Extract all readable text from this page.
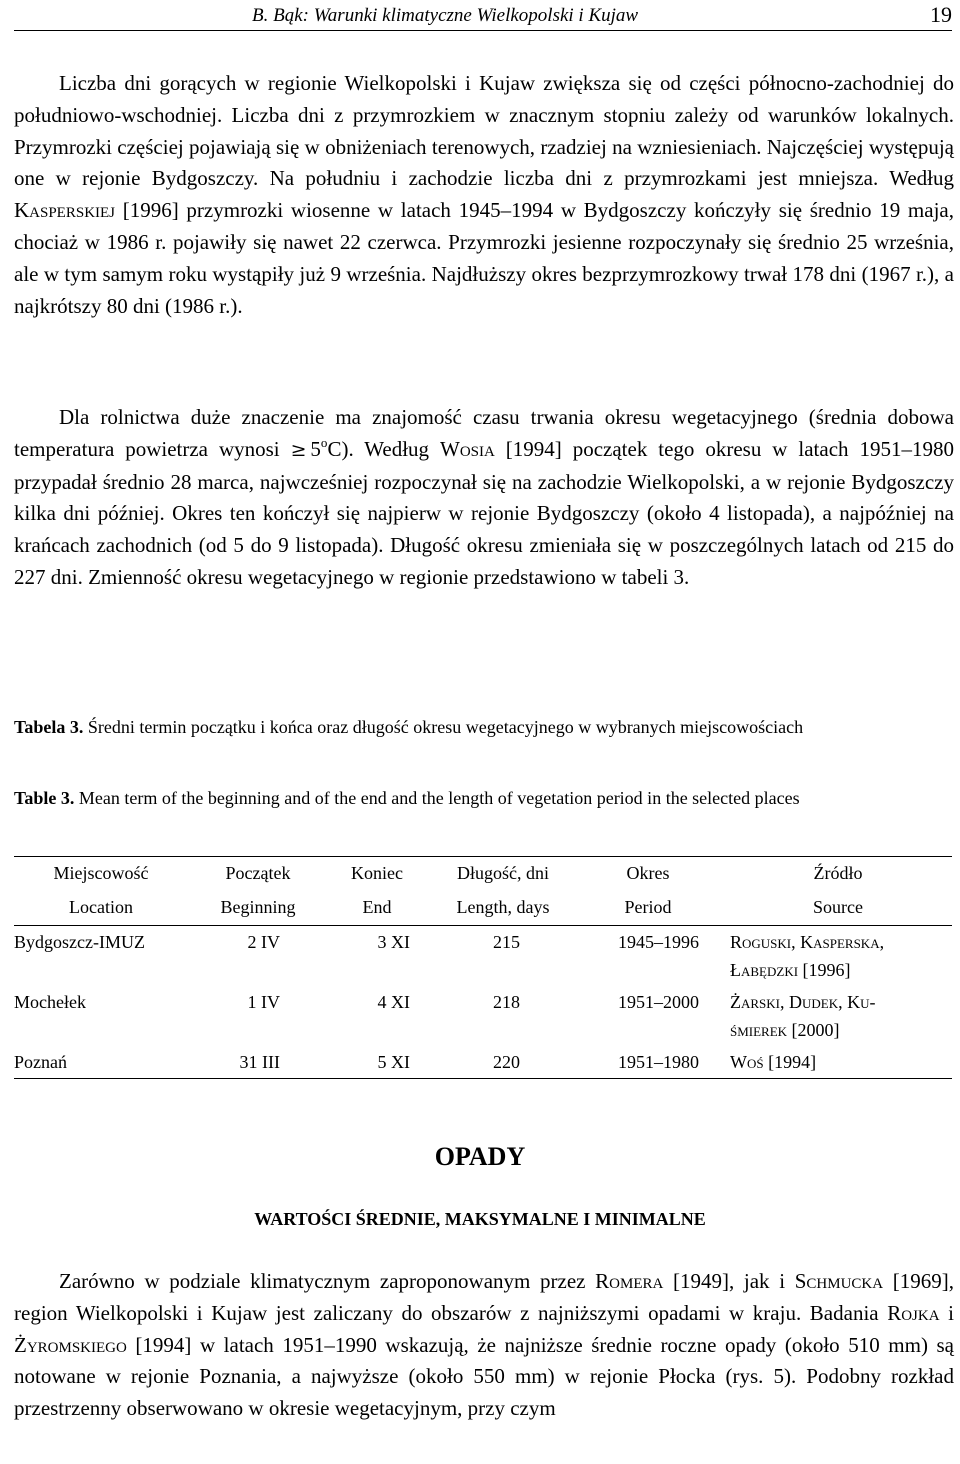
B. Bąk: Warunki klimatyczne Wielkopolski i Kujaw	19

Liczba dni gorących w regionie Wielkopolski i Kujaw zwiększa się od części północno-zachodniej do południowo-wschodniej. Liczba dni z przymrozkiem w znacznym stopniu zależy od warunków lokalnych. Przymrozki częściej pojawiają się w obniżeniach terenowych, rzadziej na wzniesieniach. Najczęściej występują one w rejonie Bydgoszczy. Na południu i zachodzie liczba dni z przymrozkami jest mniejsza. Według Kasperskiej [1996] przymrozki wiosenne w latach 1945–1994 w Bydgoszczy kończyły się średnio 19 maja, chociaż w 1986 r. pojawiły się nawet 22 czerwca. Przymrozki jesienne rozpoczynały się średnio 25 września, ale w tym samym roku wystąpiły już 9 września. Najdłuższy okres bezprzymrozkowy trwał 178 dni (1967 r.), a najkrótszy 80 dni (1986 r.).

Dla rolnictwa duże znaczenie ma znajomość czasu trwania okresu wegetacyjnego (średnia dobowa temperatura powietrza wynosi ≥ $5^oC$). Według Wosia [1994] początek tego okresu w latach 1951–1980 przypadał średnio 28 marca, najwcześniej rozpoczynał się na zachodzie Wielkopolski, a w rejonie Bydgoszczy kilka dni później. Okres ten kończył się najpierw w rejonie Bydgoszczy (około 4 listopada), a najpóźniej na krańcach zachodnich (od 5 do 9 listopada). Długość okresu zmieniała się w poszczególnych latach od 215 do 227 dni. Zmienność okresu wegetacyjnego w regionie przedstawiono w tabeli 3.

Tabela 3. Średni termin początku i końca oraz długość okresu wegetacyjnego w wybranych miejscowościach

Table 3. Mean term of the beginning and of the end and the length of vegetation period in the selected places

Miejscowość	Początek	Koniec	Długość, dni	Okres	Źródło
Location	Beginning	End	Length, days	Period	Source
Bydgoszcz-IMUZ	2 IV	3 XI	215	1945–1996 Roguski, Kasperska,
Łabędzki [1996]
Mochełek	1 IV	4 XI	218	1951–2000 Żarski, Dudek, Ku-
śmierek [2000]
Poznań	31 III	5 XI	220	1951–1980 Woś [1994]
OPADY
WARTOŚCI ŚREDNIE, MAKSYMALNE I MINIMALNE

Zarówno w podziale klimatycznym zaproponowanym przez Romera [1949], jak i Schmucka [1969], region Wielkopolski i Kujaw jest zaliczany do obszarów z najniższymi opadami w kraju. Badania Rojka i Żyromskiego [1994] w latach 1951–1990 wskazują, że najniższe średnie roczne opady (około 510 mm) są notowane w rejonie Poznania, a najwyższe (około 550 mm) w rejonie Płocka (rys. 5). Podobny rozkład przestrzenny obserwowano w okresie wegetacyjnym, przy czym
